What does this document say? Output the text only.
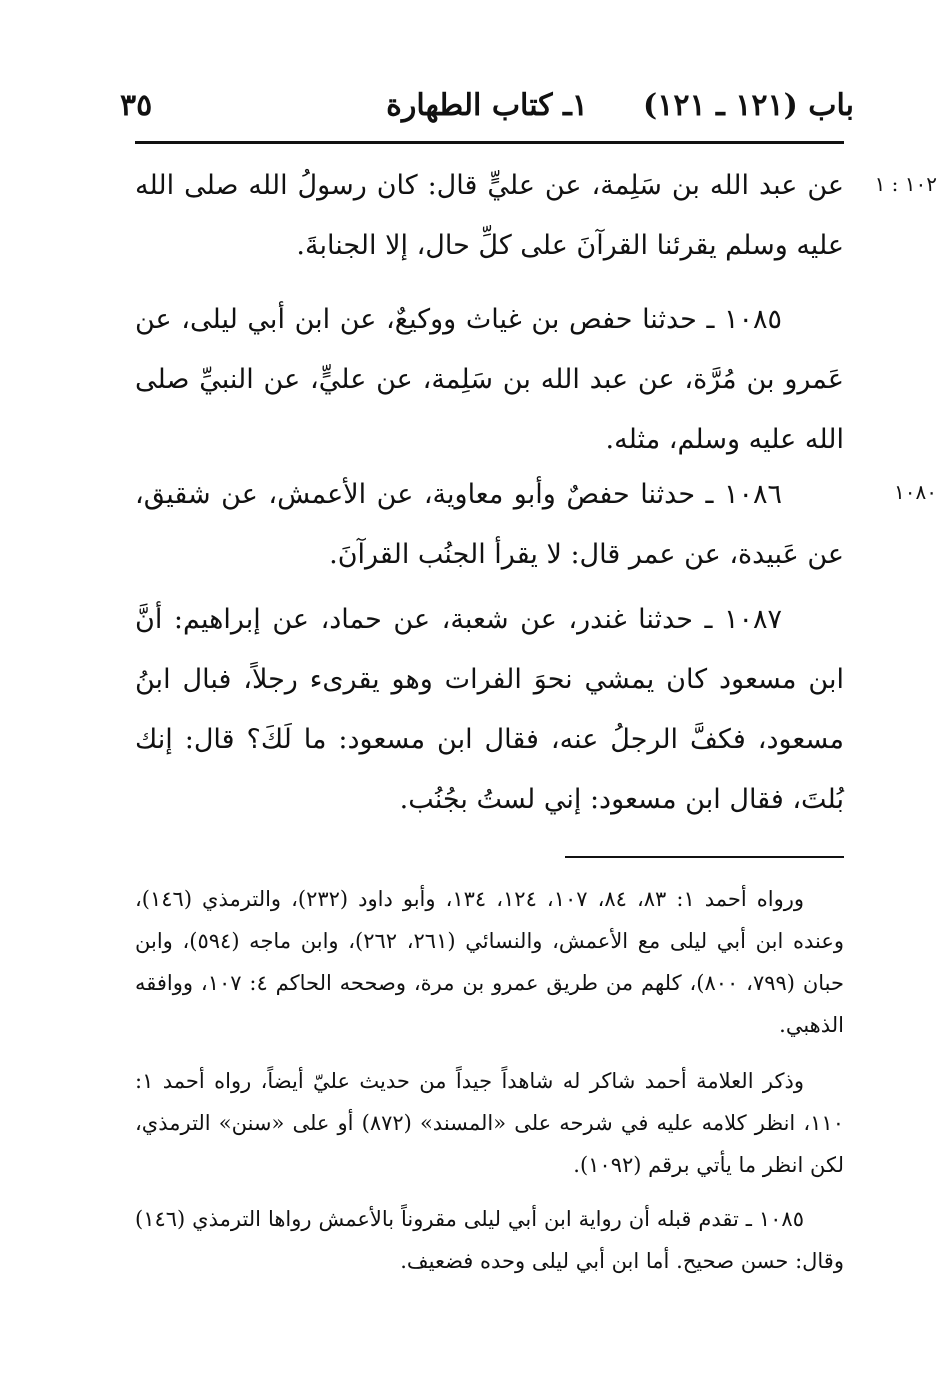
باب (١٢١ ـ ١٢١)
١ـ كتاب الطهارة
٣٥
١٠٢ : ١

عن عبد الله بن سَلِمة، عن عليٍّ قال: كان رسولُ الله صلى الله عليه وسلم يقرئنا القرآنَ على كلِّ حال، إلا الجنابةَ.

١٠٨٥ ـ حدثنا حفص بن غياث ووكيعٌ، عن ابن أبي ليلى، عن عَمرو بن مُرَّة، عن عبد الله بن سَلِمة، عن عليٍّ، عن النبيِّ صلى الله عليه وسلم، مثله.

١٠٨٠

١٠٨٦ ـ حدثنا حفصٌ وأبو معاوية، عن الأعمش، عن شقيق، عن عَبيدة، عن عمر قال: لا يقرأ الجنُب القرآنَ.

١٠٨٧ ـ حدثنا غندر، عن شعبة، عن حماد، عن إبراهيم: أنَّ ابن مسعود كان يمشي نحوَ الفرات وهو يقرىء رجلاً، فبال ابنُ مسعود، فكفَّ الرجلُ عنه، فقال ابن مسعود: ما لَكَ؟ قال: إنك بُلتَ، فقال ابن مسعود: إني لستُ بجُنُب.

ورواه أحمد ١: ٨٣، ٨٤، ١٠٧، ١٢٤، ١٣٤، وأبو داود (٢٣٢)، والترمذي (١٤٦)، وعنده ابن أبي ليلى مع الأعمش، والنسائي (٢٦١، ٢٦٢)، وابن ماجه (٥٩٤)، وابن حبان (٧٩٩، ٨٠٠)، كلهم من طريق عمرو بن مرة، وصححه الحاكم ٤: ١٠٧، ووافقه الذهبي.

وذكر العلامة أحمد شاكر له شاهداً جيداً من حديث عليّ أيضاً، رواه أحمد ١: ١١٠، انظر كلامه عليه في شرحه على «المسند» (٨٧٢) أو على «سنن» الترمذي، لكن انظر ما يأتي برقم (١٠٩٢).

١٠٨٥ ـ تقدم قبله أن رواية ابن أبي ليلى مقروناً بالأعمش رواها الترمذي (١٤٦) وقال: حسن صحيح. أما ابن أبي ليلى وحده فضعيف.
